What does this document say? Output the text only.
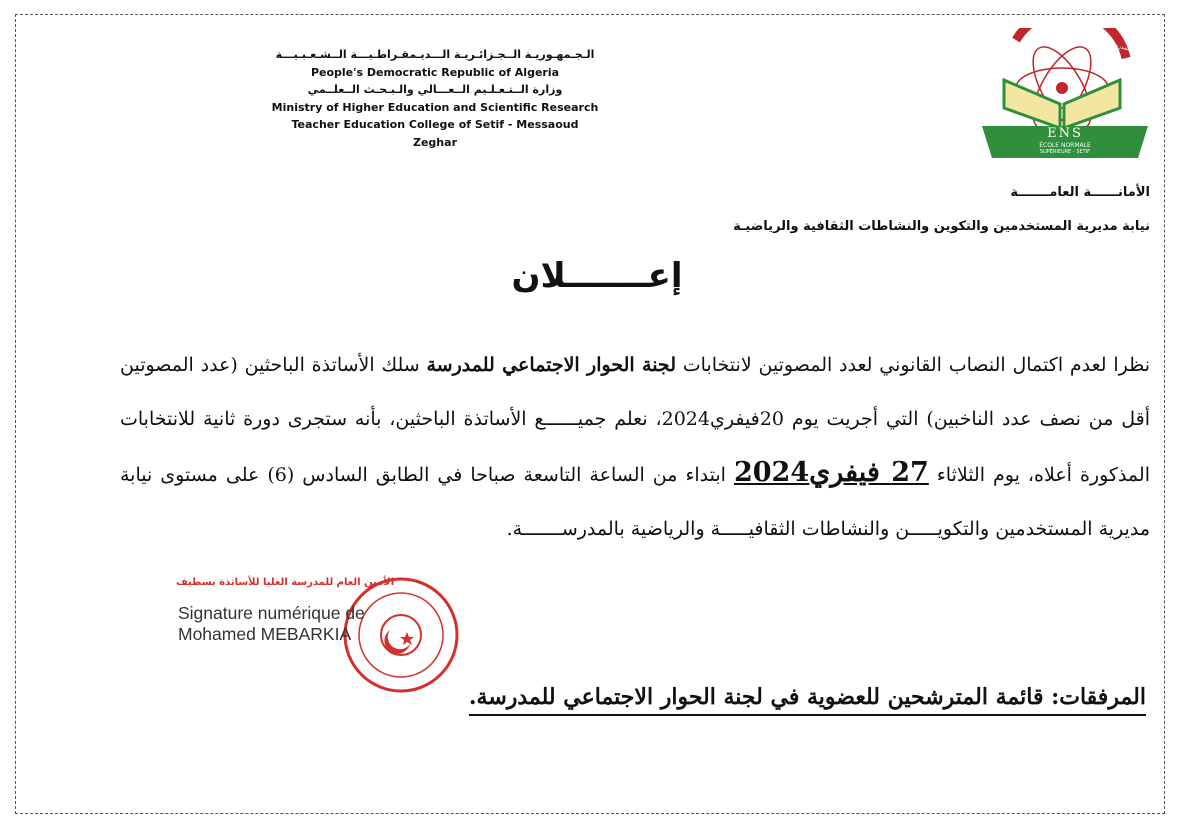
الـجـمهـوريـة الــجـزائـريـة الـــديـمقـراطـيـــة الــشـعـبـيـــة
People's Democratic Republic of Algeria
وزارة الــتـعـلـيم الــعـــالي والـبـحـث الــعلــمي
Ministry of Higher Education and Scientific Research
Teacher Education College of Setif - Messaoud Zeghar
ENS
ÉCOLE NORMALE
SUPÉRIEURE - SETIF
المدرسة العليا للأساتذة بسطيف - مسعود زغار
الأمانــــــة العامـــــــة
نيابة مديرية المستخدمين والتكوين والنشاطات الثقافية والرياضيـة
إعـــــــلان
نظرا لعدم اكتمال النصاب القانوني لعدد المصوتين لانتخابات لجنة الحوار الاجتماعي للمدرسة سلك الأساتذة الباحثين (عدد المصوتين أقل من نصف عدد الناخبين) التي أجريت يوم 20فيفري2024، نعلم جميــــــع الأساتذة الباحثين، بأنه ستجرى دورة ثانية للانتخابات المذكورة أعلاه، يوم الثلاثاء 27 فيفري2024 ابتداء من الساعة التاسعة صباحا في الطابق السادس (6) على مستوى نيابة مديرية المستخدمين والتكويـــــن والنشاطات الثقافيـــــة والرياضية بالمدرســـــــة.
الأمين العام للمدرسة العليا للأساتذة بسطيف
Signature numérique de
Mohamed MEBARKIA
المرفقات: قائمة المترشحين للعضوية في لجنة الحوار الاجتماعي للمدرسة.
